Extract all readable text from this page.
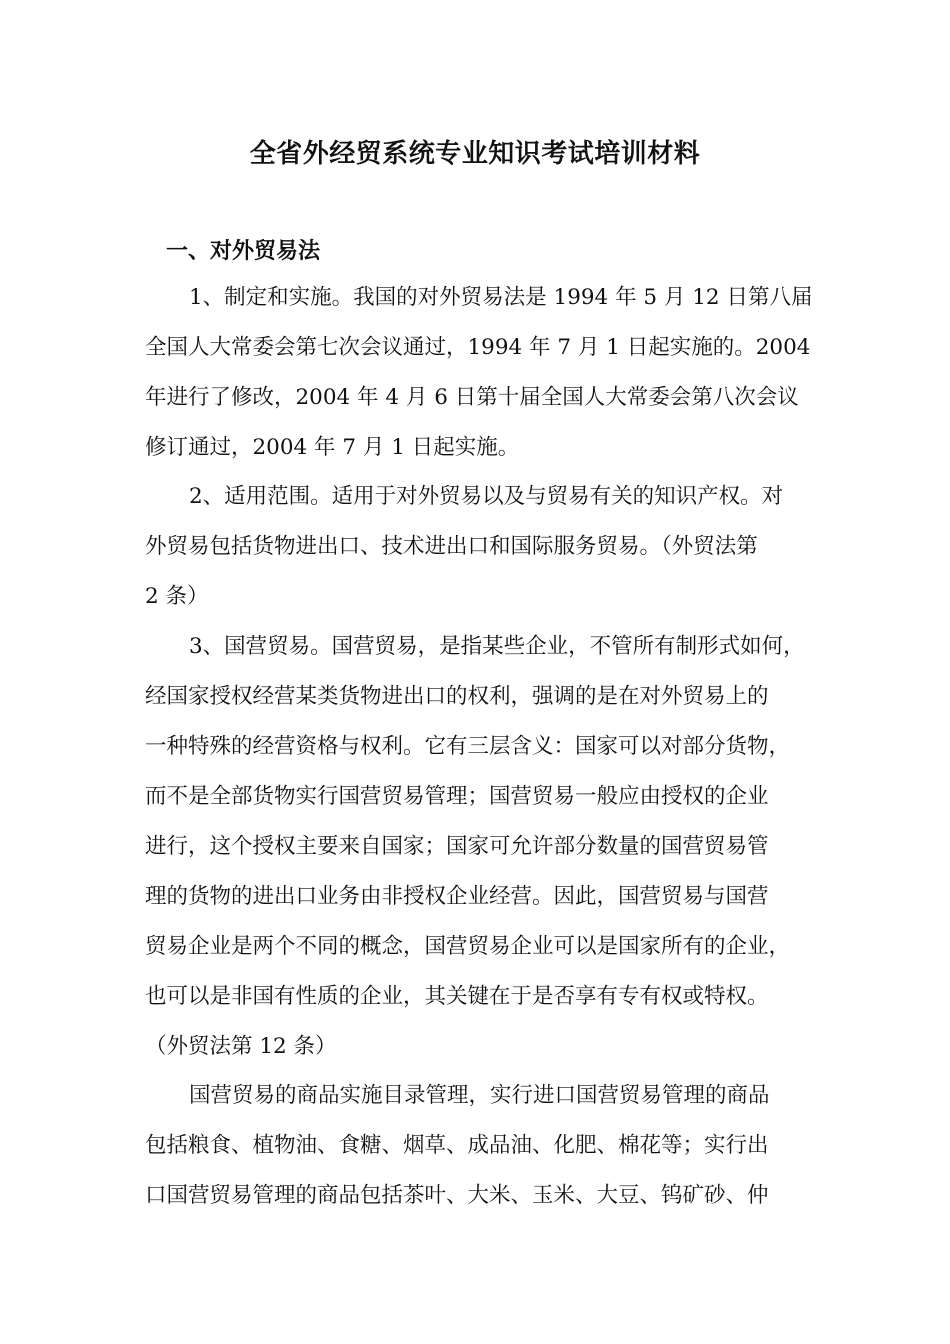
全省外经贸系统专业知识考试培训材料
一、对外贸易法
1、制定和实施。我国的对外贸易法是 1994 年 5 月 12 日第八届
全国人大常委会第七次会议通过，1994 年 7 月 1 日起实施的。2004
年进行了修改，2004 年 4 月 6 日第十届全国人大常委会第八次会议
修订通过，2004 年 7 月 1 日起实施。
2、适用范围。适用于对外贸易以及与贸易有关的知识产权。对
外贸易包括货物进出口、技术进出口和国际服务贸易。（外贸法第
2 条）
3、国营贸易。国营贸易，是指某些企业，不管所有制形式如何，
经国家授权经营某类货物进出口的权利，强调的是在对外贸易上的
一种特殊的经营资格与权利。它有三层含义：国家可以对部分货物，
而不是全部货物实行国营贸易管理；国营贸易一般应由授权的企业
进行，这个授权主要来自国家；国家可允许部分数量的国营贸易管
理的货物的进出口业务由非授权企业经营。因此，国营贸易与国营
贸易企业是两个不同的概念，国营贸易企业可以是国家所有的企业，
也可以是非国有性质的企业，其关键在于是否享有专有权或特权。
（外贸法第 12 条）
国营贸易的商品实施目录管理，实行进口国营贸易管理的商品
包括粮食、植物油、食糖、烟草、成品油、化肥、棉花等；实行出
口国营贸易管理的商品包括茶叶、大米、玉米、大豆、钨矿砂、仲
